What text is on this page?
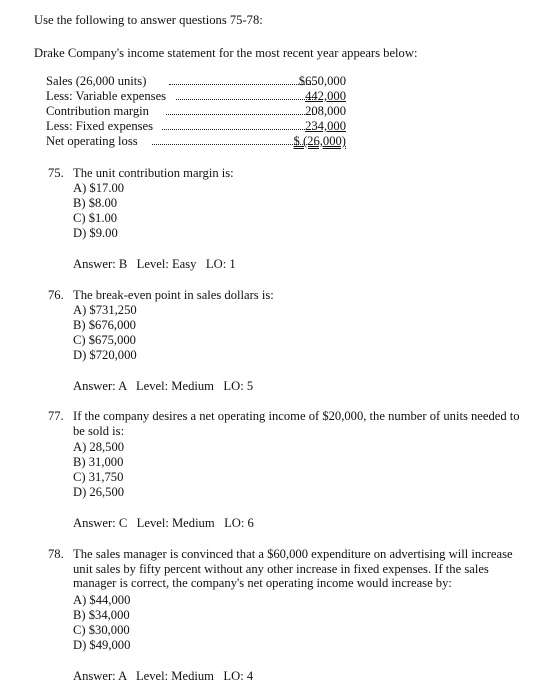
Use the following to answer questions 75-78:
Drake Company's income statement for the most recent year appears below:
Sales (26,000 units)	$650,000
Less: Variable expenses	442,000
Contribution margin	208,000
Less: Fixed expenses	234,000
Net operating loss	$ (26,000)
75. The unit contribution margin is:
A) $17.00
B) $8.00
C) $1.00
D) $9.00
Answer: B   Level: Easy   LO: 1
76. The break-even point in sales dollars is:
A) $731,250
B) $676,000
C) $675,000
D) $720,000
Answer: A   Level: Medium   LO: 5
77. If the company desires a net operating income of $20,000, the number of units needed to be sold is:
A) 28,500
B) 31,000
C) 31,750
D) 26,500
Answer: C   Level: Medium   LO: 6
78. The sales manager is convinced that a $60,000 expenditure on advertising will increase unit sales by fifty percent without any other increase in fixed expenses. If the sales manager is correct, the company's net operating income would increase by:
A) $44,000
B) $34,000
C) $30,000
D) $49,000
Answer: A   Level: Medium   LO: 4
